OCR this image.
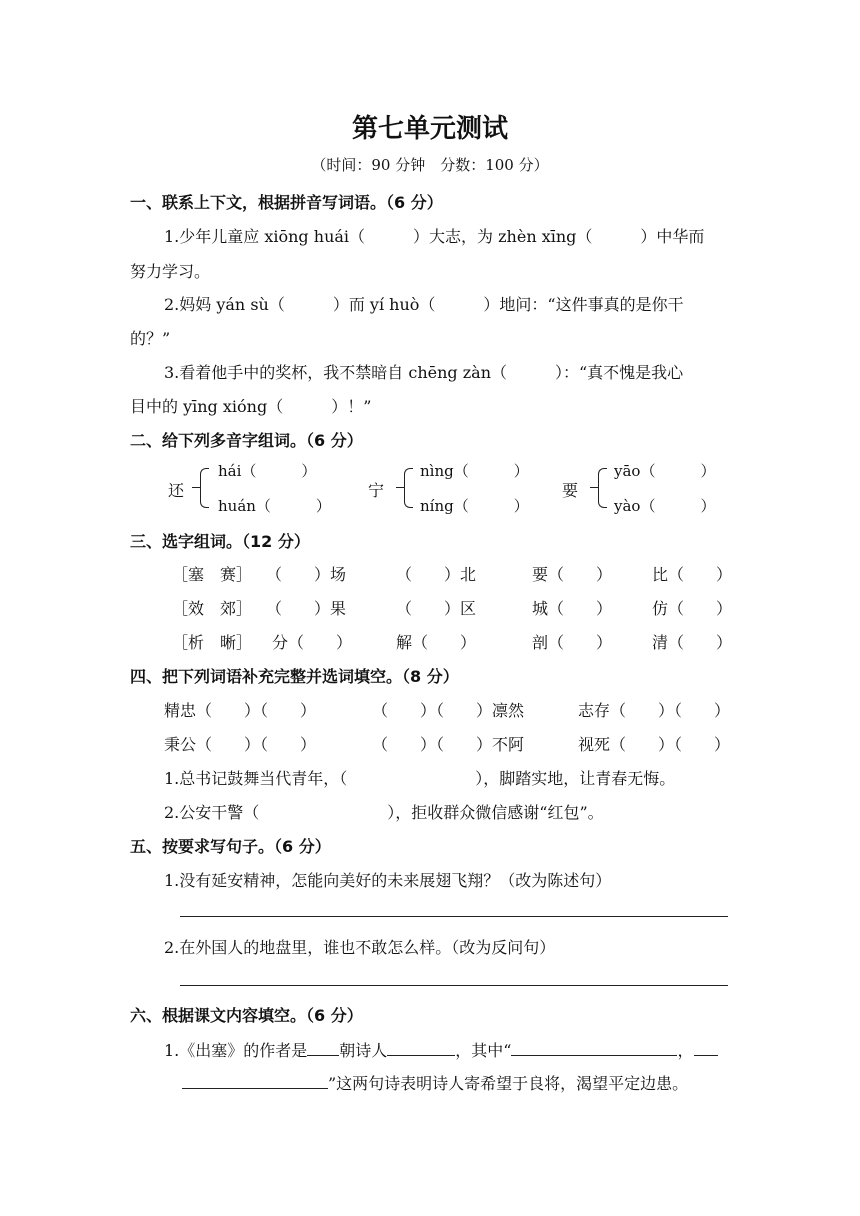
第七单元测试
（时间：90 分钟　分数：100 分）
一、联系上下文，根据拼音写词语。（6 分）
1.少年儿童应 xiōng huái（　　　）大志，为 zhèn xīng（　　　）中华而
努力学习。
2.妈妈 yán sù（　　　）而 yí huò（　　　）地问：“这件事真的是你干
的？”
3.看着他手中的奖杯，我不禁暗自 chēng zàn（　　　）：“真不愧是我心
目中的 yīng xióng（　　　）！”
二、给下列多音字组词。（6 分）
还
hái（　　　）
huán（　　　）
宁
nìng（　　　）
níng（　　　）
要
yāo（　　　）
yào（　　　）
三、选字组词。（12 分）
［塞　赛］ （　　）场	（　　）北	要（　　） 比（　　）
［效　郊］ （　　）果	（　　）区	城（　　） 仿（　　）
［析　晰］ 分（　　）	解（　　）	剖（　　） 清（　　）
四、把下列词语补充完整并选词填空。（8 分）
精忠（　　）（　　）	（　　）（　　）凛然	志存（　　）（　　）
秉公（　　）（　　）	（　　）（　　）不阿	视死（　　）（　　）
1.总书记鼓舞当代青年，（　　　　　　　　），脚踏实地，让青春无悔。
2.公安干警（　　　　　　　　），拒收群众微信感谢“红包”。
五、按要求写句子。（6 分）
1.没有延安精神，怎能向美好的未来展翅飞翔？（改为陈述句）
2.在外国人的地盘里，谁也不敢怎么样。（改为反问句）
六、根据课文内容填空。（6 分）
1.《出塞》的作者是 朝诗人	，其中“	，
”这两句诗表明诗人寄希望于良将，渴望平定边患。
